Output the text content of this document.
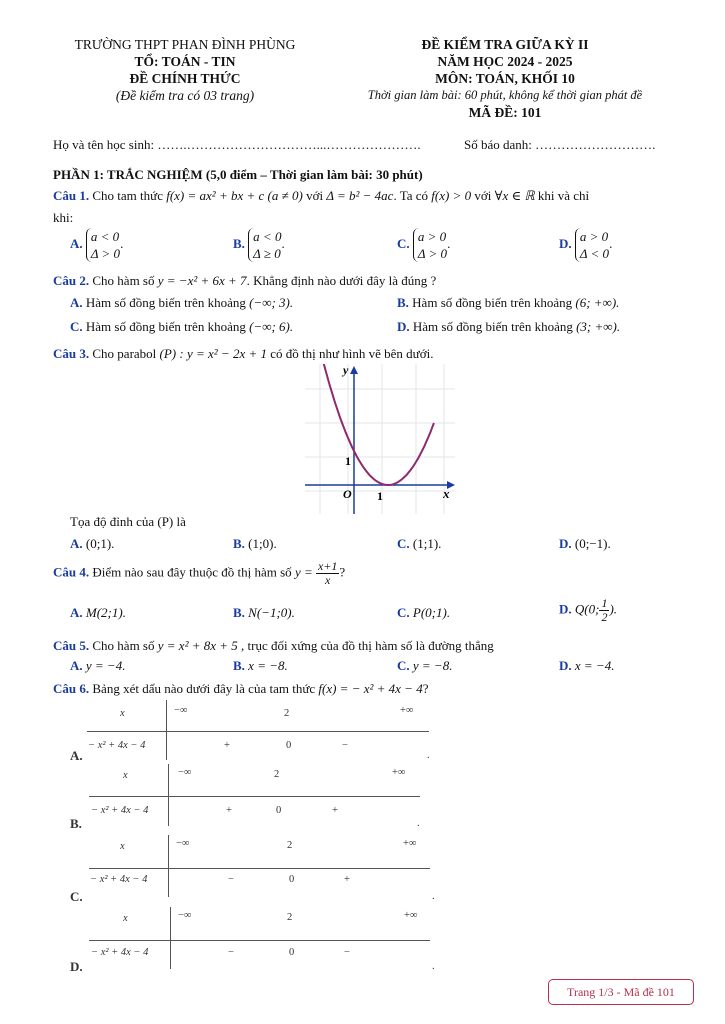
TRƯỜNG THPT PHAN ĐÌNH PHÙNG
TỔ: TOÁN - TIN
ĐỀ CHÍNH THỨC
(Đề kiểm tra có 03 trang)
ĐỀ KIỂM TRA GIỮA KỲ II
NĂM HỌC 2024 - 2025
MÔN: TOÁN, KHỐI 10
Thời gian làm bài: 60 phút, không kể thời gian phát đề
MÃ ĐỀ: 101
Họ và tên học sinh: …….…………………………...………………….	Số báo danh: ……………………….
PHẦN 1: TRẮC NGHIỆM (5,0 điểm – Thời gian làm bài: 30 phút)
Câu 1. Cho tam thức f(x) = ax² + bx + c (a ≠ 0) với Δ = b² − 4ac. Ta có f(x) > 0 với ∀x ∈ ℝ khi và chỉ
khi:
A. a < 0
Δ > 0.	B. a < 0
Δ ≥ 0.	C. a > 0
Δ > 0.	D. a > 0
Δ < 0.
Câu 2. Cho hàm số y = −x² + 6x + 7. Khẳng định nào dưới đây là đúng ?
A. Hàm số đồng biến trên khoảng (−∞; 3).	B. Hàm số đồng biến trên khoảng (6; +∞).
C. Hàm số đồng biến trên khoảng (−∞; 6).	D. Hàm số đồng biến trên khoảng (3; +∞).
Câu 3. Cho parabol (P) : y = x² − 2x + 1 có đồ thị như hình vẽ bên dưới.
y
x
O 1
1
Tọa độ đỉnh của (P) là
A. (0;1).	B. (1;0).	C. (1;1).	D. (0;−1).
Câu 4. Điểm nào sau đây thuộc đồ thị hàm số $y = \frac{x+1}{x}$ ?
A. M(2;1).	B. N(−1;0).	C. P(0;1).	D. Q(0; $\frac{1}{2}$ ).
Câu 5. Cho hàm số y = x² + 8x + 5 , trục đối xứng của đồ thị hàm số là đường thẳng
A. y = −4.	B. x = −8.	C. y = −8.	D. x = −4.
Câu 6. Bảng xét dấu nào dưới đây là của tam thức f(x) = − x² + 4x − 4?
A.
x	−∞	2	+∞
− x² + 4x − 4	+	0	−
.
B.
x	−∞	2	+∞
− x² + 4x − 4	+	0	+
.
C.
x	−∞	2	+∞
− x² + 4x − 4	−	0	+
.
D.
x	−∞	2	+∞
− x² + 4x − 4	−	0	−
.
Trang 1/3 - Mã đề 101
